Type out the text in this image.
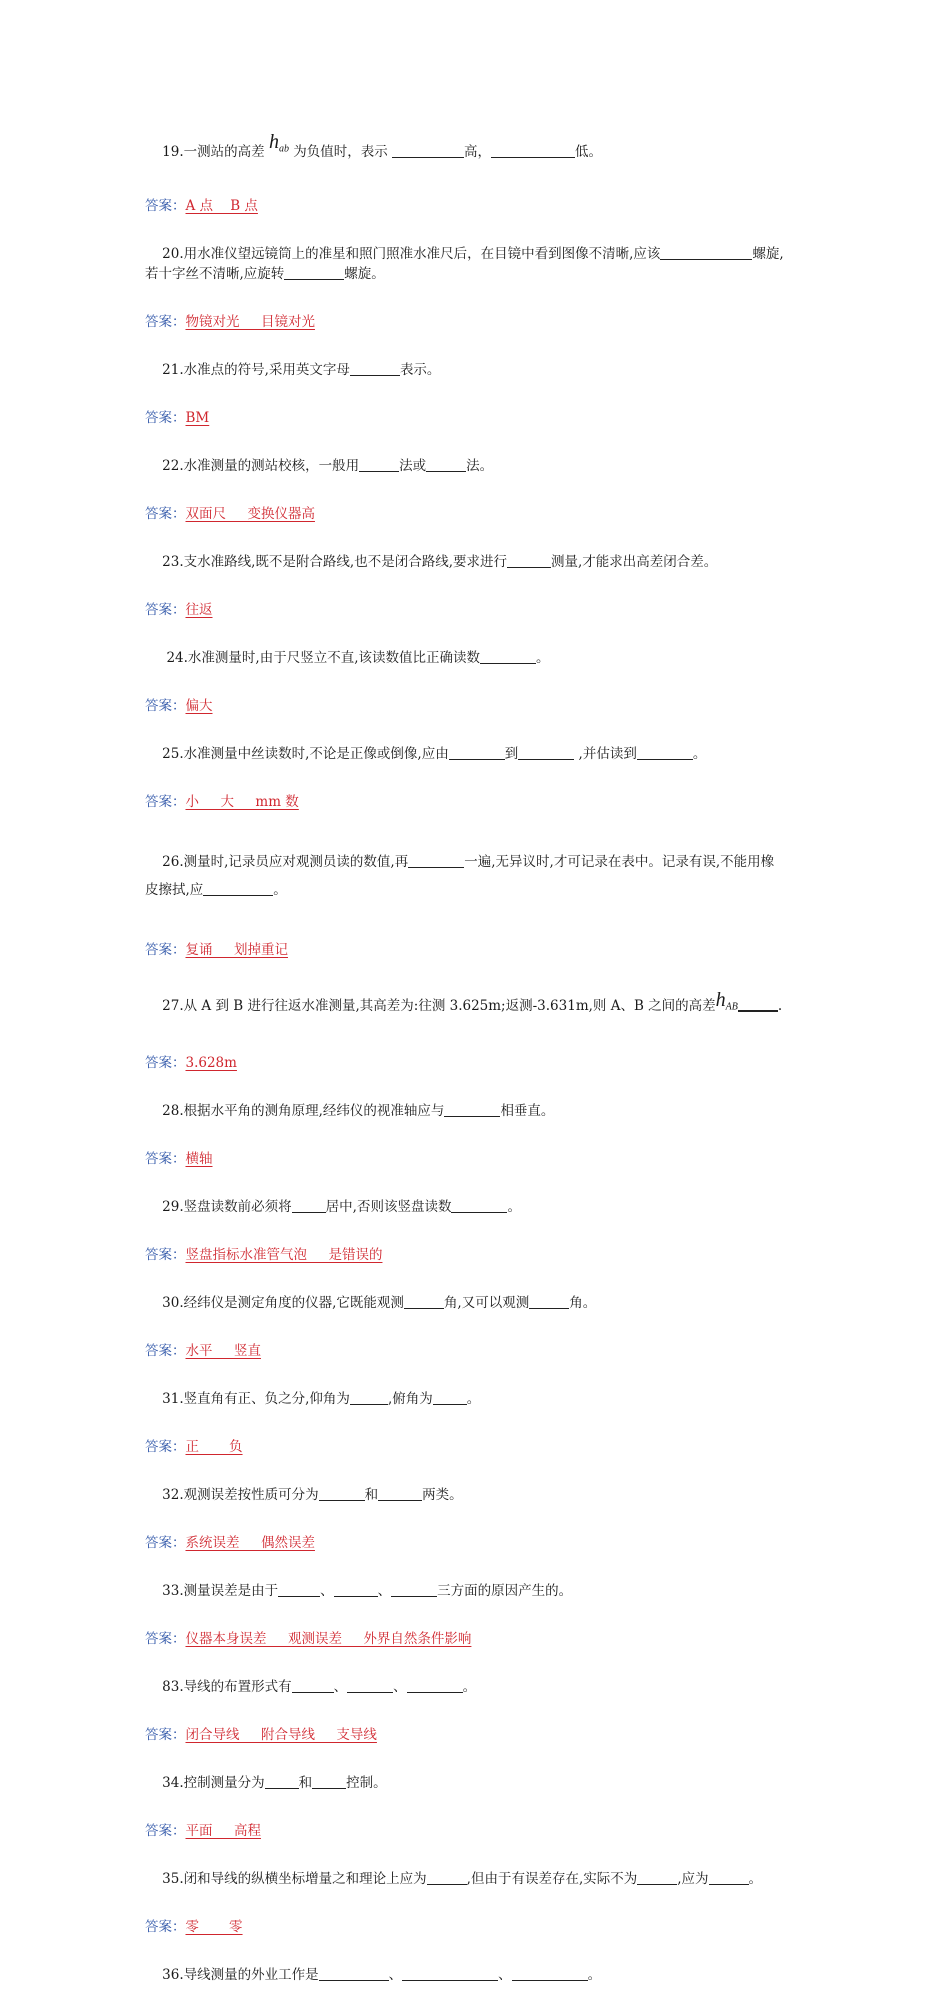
19.一测站的高差 $h_{ab}$ 为负值时，表示	高，	低。

答案：A 点    B 点

20.用水准仪望远镜筒上的准星和照门照准水准尺后，在目镜中看到图像不清晰,应该	螺旋,
若十字丝不清晰,应旋转	螺旋。

答案：物镜对光     目镜对光

21.水准点的符号,采用英文字母	表示。

答案：BM

22.水准测量的测站校核，一般用	法或	法。

答案：双面尺     变换仪器高

23.支水准路线,既不是附合路线,也不是闭合路线,要求进行	测量,才能求出高差闭合差。

答案：往返

24.水准测量时,由于尺竖立不直,该读数值比正确读数	。

答案：偏大

25.水准测量中丝读数时,不论是正像或倒像,应由	到	,并估读到	。

答案：小     大     mm 数

26.测量时,记录员应对观测员读的数值,再	一遍,无异议时,才可记录在表中。记录有误,不能用橡
皮擦拭,应	。

答案：复诵     划掉重记

27.从 A 到 B 进行往返水准测量,其高差为:往测 3.625m;返测-3.631m,则 A、B 之间的高差$h_{AB}$	.

答案：3.628m

28.根据水平角的测角原理,经纬仪的视准轴应与	相垂直。

答案：横轴

29.竖盘读数前必须将	居中,否则该竖盘读数	。

答案：竖盘指标水准管气泡     是错误的

30.经纬仪是测定角度的仪器,它既能观测	角,又可以观测	角。

答案：水平     竖直

31.竖直角有正、负之分,仰角为	,俯角为	。

答案：正       负

32.观测误差按性质可分为	和	两类。

答案：系统误差     偶然误差

33.测量误差是由于	、	、	三方面的原因产生的。

答案：仪器本身误差     观测误差     外界自然条件影响

83.导线的布置形式有	、	、	。

答案：闭合导线     附合导线     支导线

34.控制测量分为	和	控制。

答案：平面     高程

35.闭和导线的纵横坐标增量之和理论上应为	,但由于有误差存在,实际不为	,应为	。

答案：零       零

36.导线测量的外业工作是	、	、	。
